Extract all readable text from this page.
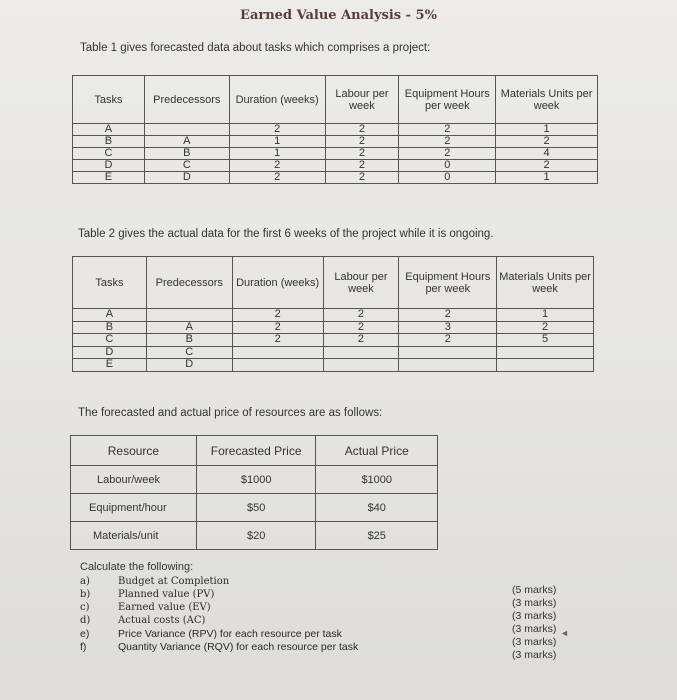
Earned Value Analysis - 5%
Table 1 gives forecasted data about tasks which comprises a project:
Tasks	Predecessors	Duration (weeks)	Labour per week	Equipment Hours per week	Materials Units per week
A		2	2	2	1
B	A	1	2	2	2
C	B	1	2	2	4
D	C	2	2	0	2
E	D	2	2	0	1
Table 2 gives the actual data for the first 6 weeks of the project while it is ongoing.
Tasks	Predecessors	Duration (weeks)	Labour per week	Equipment Hours per week	Materials Units per week
A		2	2	2	1
B	A	2	2	3	2
C	B	2	2	2	5
D	C				
E	D				
The forecasted and actual price of resources are as follows:
Resource	Forecasted Price	Actual Price
Labour/week	$1000	$1000
Equipment/hour	$50	$40
Materials/unit	$20	$25
Calculate the following:
a)	Budget at Completion
b)	Planned value (PV)
c)	Earned value (EV)
d)	Actual costs (AC)
e)	Price Variance (RPV) for each resource per task
f)	Quantity Variance (RQV) for each resource per task
(5 marks)
(3 marks)
(3 marks)
(3 marks)
(3 marks)
(3 marks)
◄
